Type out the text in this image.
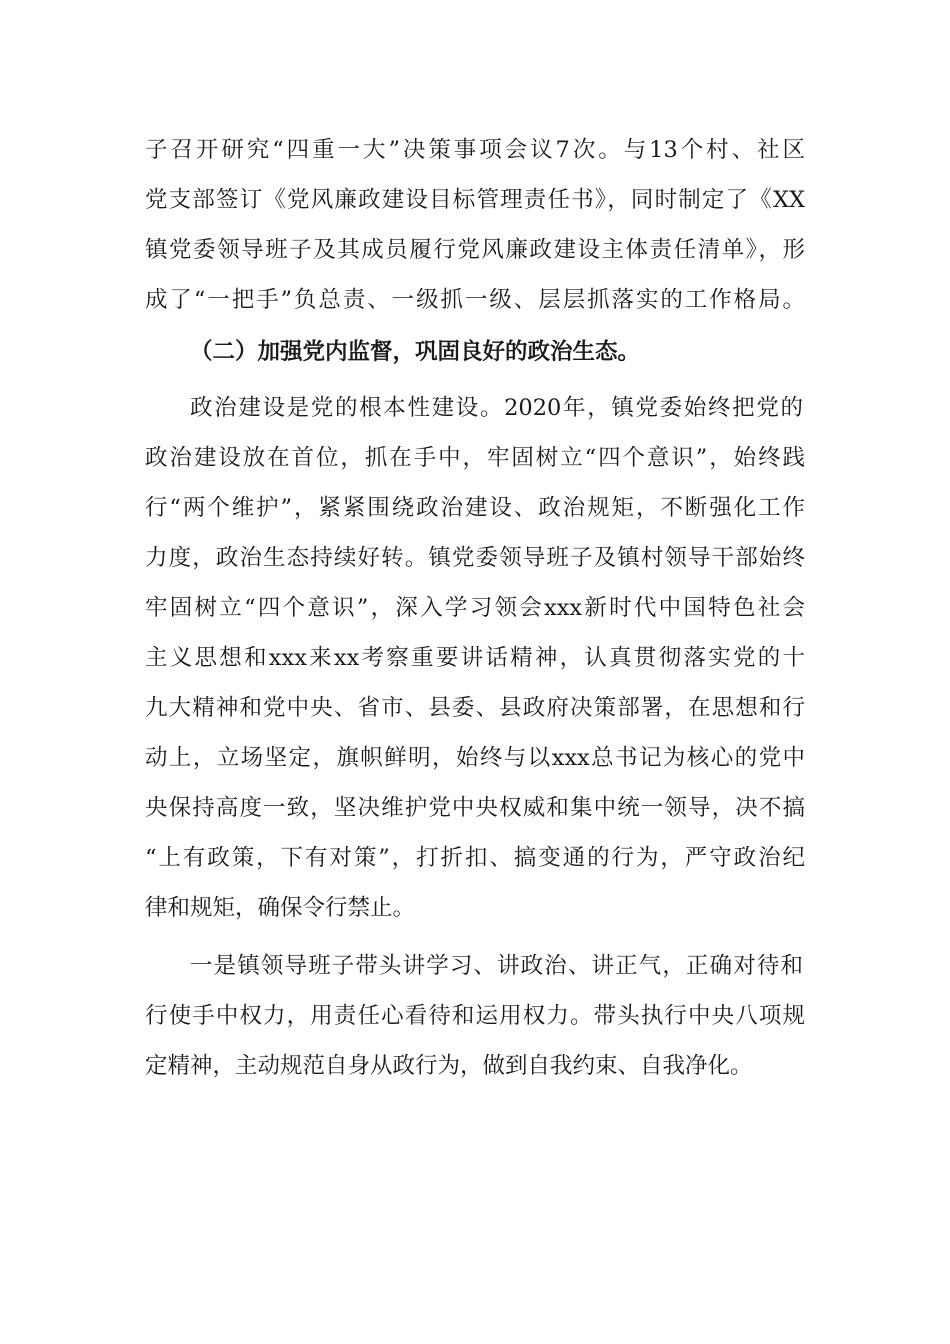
子召开研究“四重一大”决策事项会议7次。与13个村、社区
党支部签订《党风廉政建设目标管理责任书》，同时制定了《XX
镇党委领导班子及其成员履行党风廉政建设主体责任清单》，形
成了“一把手”负总责、一级抓一级、层层抓落实的工作格局。
（二）加强党内监督，巩固良好的政治生态。
政治建设是党的根本性建设。2020年，镇党委始终把党的
政治建设放在首位，抓在手中，牢固树立“四个意识”，始终践
行“两个维护”，紧紧围绕政治建设、政治规矩，不断强化工作
力度，政治生态持续好转。镇党委领导班子及镇村领导干部始终
牢固树立“四个意识”，深入学习领会xxx新时代中国特色社会
主义思想和xxx来xx考察重要讲话精神，认真贯彻落实党的十
九大精神和党中央、省市、县委、县政府决策部署，在思想和行
动上，立场坚定，旗帜鲜明，始终与以xxx总书记为核心的党中
央保持高度一致，坚决维护党中央权威和集中统一领导，决不搞
“上有政策，下有对策”，打折扣、搞变通的行为，严守政治纪
律和规矩，确保令行禁止。
一是镇领导班子带头讲学习、讲政治、讲正气，正确对待和
行使手中权力，用责任心看待和运用权力。带头执行中央八项规
定精神，主动规范自身从政行为，做到自我约束、自我净化。
